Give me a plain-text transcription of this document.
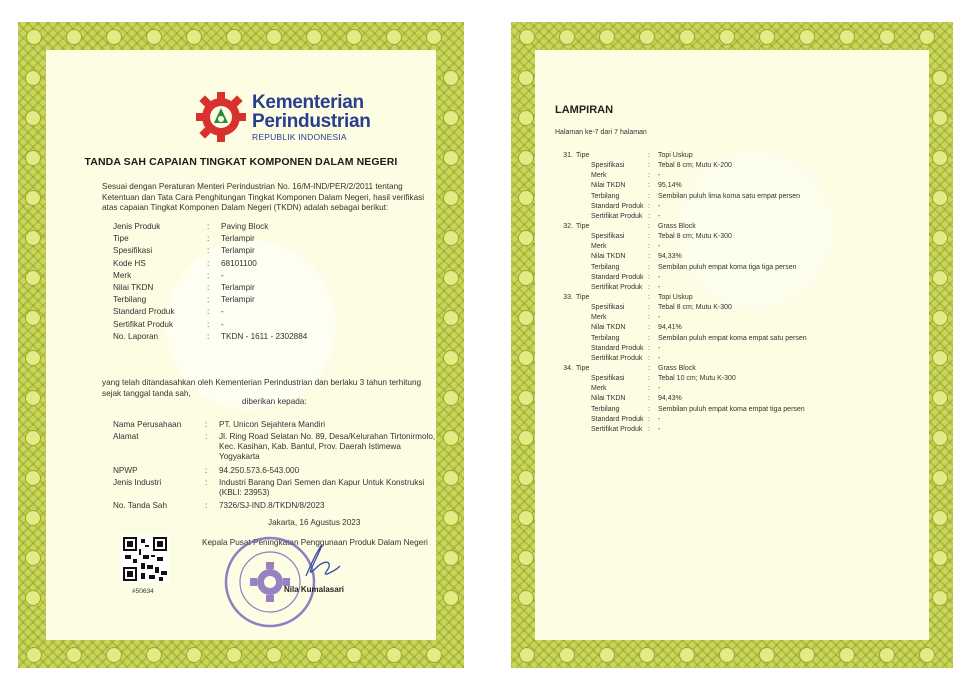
Kementerian
Perindustrian
REPUBLIK INDONESIA
TANDA SAH CAPAIAN TINGKAT KOMPONEN DALAM NEGERI
Sesuai dengan Peraturan Menteri Perindustrian No. 16/M-IND/PER/2/2011 tentang Ketentuan dan Tata Cara Penghitungan Tingkat Komponen Dalam Negeri, hasil verifikasi atas capaian Tingkat Komponen Dalam Negeri (TKDN) adalah sebagai berikut:
Jenis Produk	:	Paving Block
Tipe	:	Terlampir
Spesifikasi	:	Terlampir
Kode HS	:	68101100
Merk	:	-
Nilai TKDN	:	Terlampir
Terbilang	:	Terlampir
Standard Produk	:	-
Sertifikat Produk	:	-
No. Laporan	:	TKDN - 1611 - 2302884
yang telah ditandasahkan oleh Kementerian Perindustrian dan berlaku 3 tahun terhitung sejak tanggal tanda sah,
diberikan kepada:
Nama Perusahaan	:	PT. Unicon Sejahtera Mandiri
Alamat	:	Jl. Ring Road Selatan No. 89, Desa/Kelurahan Tirtonirmolo, Kec. Kasihan, Kab. Bantul, Prov. Daerah Istimewa Yogyakarta
NPWP	:	94.250.573.6-543.000
Jenis Industri	:	Industri Barang Dari Semen dan Kapur Untuk Konstruksi (KBLI: 23953)
No. Tanda Sah	:	7326/SJ-IND.8/TKDN/8/2023
Jakarta, 16 Agustus 2023
Kepala Pusat Peningkatan Penggunaan Produk Dalam Negeri
#50634	Nila Kumalasari
LAMPIRAN
Halaman ke-7 dari 7 halaman
31. Tipe	:	Topi Uskup
Spesifikasi	:	Tebal 8 cm; Mutu K-200
Merk	:	-
Nilai TKDN	:	95,14%
Terbilang	:	Sembilan puluh lima koma satu empat persen
Standard Produk :	-
Sertifikat Produk :	-
32. Tipe	:	Grass Block
Spesifikasi	:	Tebal 8 cm; Mutu K-300
Merk	:	-
Nilai TKDN	:	94,33%
Terbilang	:	Sembilan puluh empat koma tiga tiga persen
Standard Produk :	-
Sertifikat Produk :	-
33. Tipe	:	Topi Uskup
Spesifikasi	:	Tebal 8 cm; Mutu K-300
Merk	:	-
Nilai TKDN	:	94,41%
Terbilang	:	Sembilan puluh empat koma empat satu persen
Standard Produk :	-
Sertifikat Produk :	-
34. Tipe	:	Grass Block
Spesifikasi	:	Tebal 10 cm; Mutu K-300
Merk	:	-
Nilai TKDN	:	94,43%
Terbilang	:	Sembilan puluh empat koma empat tiga persen
Standard Produk :	-
Sertifikat Produk :	-
